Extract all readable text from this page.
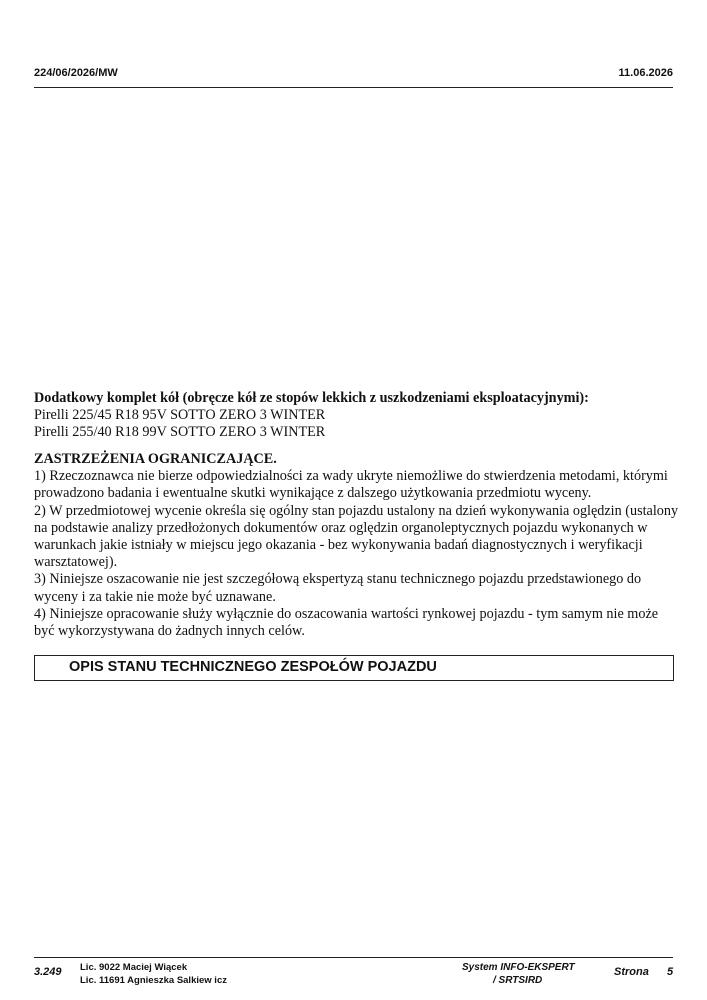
224/06/2026/MW	11.06.2026
Dodatkowy komplet kół (obręcze kół ze stopów lekkich z uszkodzeniami eksploatacyjnymi):
Pirelli 225/45 R18 95V SOTTO ZERO 3 WINTER
Pirelli 255/40 R18 99V SOTTO ZERO 3 WINTER
ZASTRZEŻENIA OGRANICZAJĄCE.
1) Rzeczoznawca nie bierze odpowiedzialności za wady ukryte niemożliwe do stwierdzenia metodami, którymi
prowadzono badania i ewentualne skutki wynikające z dalszego użytkowania przedmiotu wyceny.
2) W przedmiotowej wycenie określa się ogólny stan pojazdu ustalony na dzień wykonywania oględzin (ustalony
na podstawie analizy przedłożonych dokumentów oraz oględzin organoleptycznych pojazdu wykonanych w
warunkach jakie istniały w miejscu jego okazania - bez wykonywania badań diagnostycznych i weryfikacji
warsztatowej).
3) Niniejsze oszacowanie nie jest szczegółową ekspertyzą stanu technicznego pojazdu przedstawionego do
wyceny i za takie nie może być uznawane.
4) Niniejsze opracowanie służy wyłącznie do oszacowania wartości rynkowej pojazdu - tym samym nie może
być wykorzystywana do żadnych innych celów.
OPIS STANU TECHNICZNEGO ZESPOŁÓW POJAZDU
3.249 Lic. 9022 Maciej Wiącek
Lic. 11691 Agnieszka Salkiew icz
System INFO-EKSPERT
/ SRTSIRD
Strona 5
